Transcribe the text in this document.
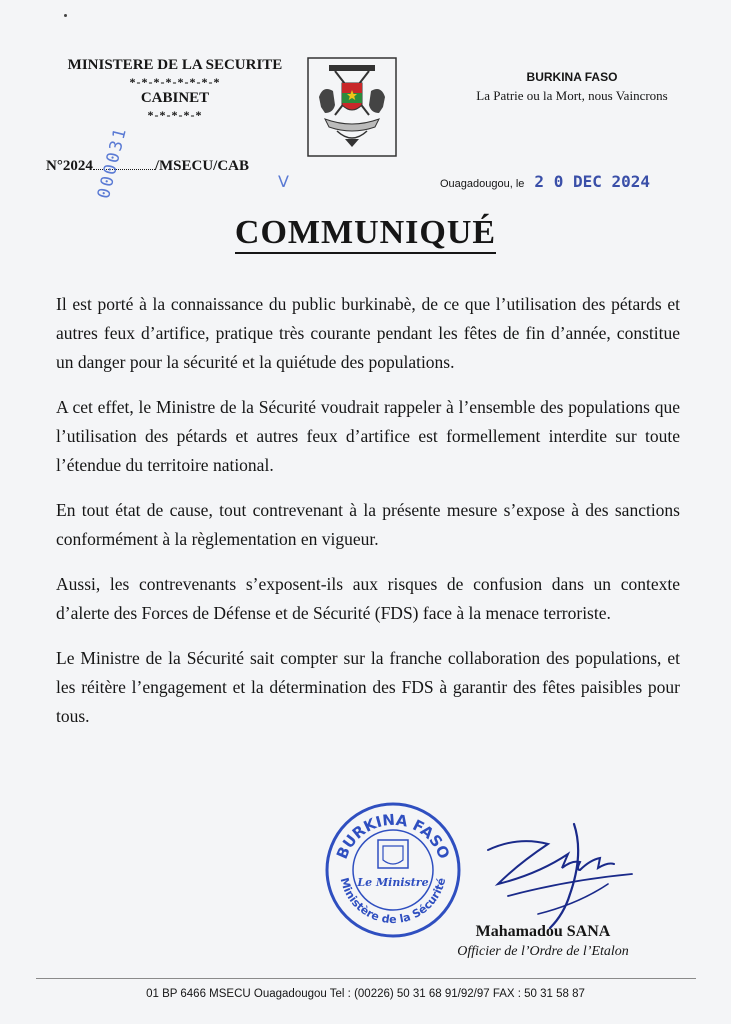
MINISTERE DE LA SECURITE
*-*-*-*-*-*-*-*
CABINET
*-*-*-*-*
N°2024	/MSECU/CAB
000031	V
BURKINA FASO
La Patrie ou la Mort, nous Vaincrons
Ouagadougou, le 2 0 DEC 2024
COMMUNIQUÉ

Il est porté à la connaissance du public burkinabè, de ce que l’utilisation des pétards et autres feux d’artifice, pratique très courante pendant les fêtes de fin d’année, constitue un danger pour la sécurité et la quiétude des populations.

A cet effet, le Ministre de la Sécurité voudrait rappeler à l’ensemble des populations que l’utilisation des pétards et autres feux d’artifice est formellement interdite sur toute l’étendue du territoire national.

En tout état de cause, tout contrevenant à la présente mesure s’expose à des sanctions conformément à la règlementation en vigueur.

Aussi, les contrevenants s’exposent-ils aux risques de confusion dans un contexte d’alerte des Forces de Défense et de Sécurité (FDS) face à la menace terroriste.

Le Ministre de la Sécurité sait compter sur la franche collaboration des populations, et les réitère l’engagement et la détermination des FDS à garantir des fêtes paisibles pour tous.

BURKINA FASO
Ministère de la Sécurité
Le Ministre
Mahamadou SANA
Officier de l’Ordre de l’Etalon
01 BP 6466 MSECU Ouagadougou Tel : (00226) 50 31 68 91/92/97 FAX : 50 31 58 87
